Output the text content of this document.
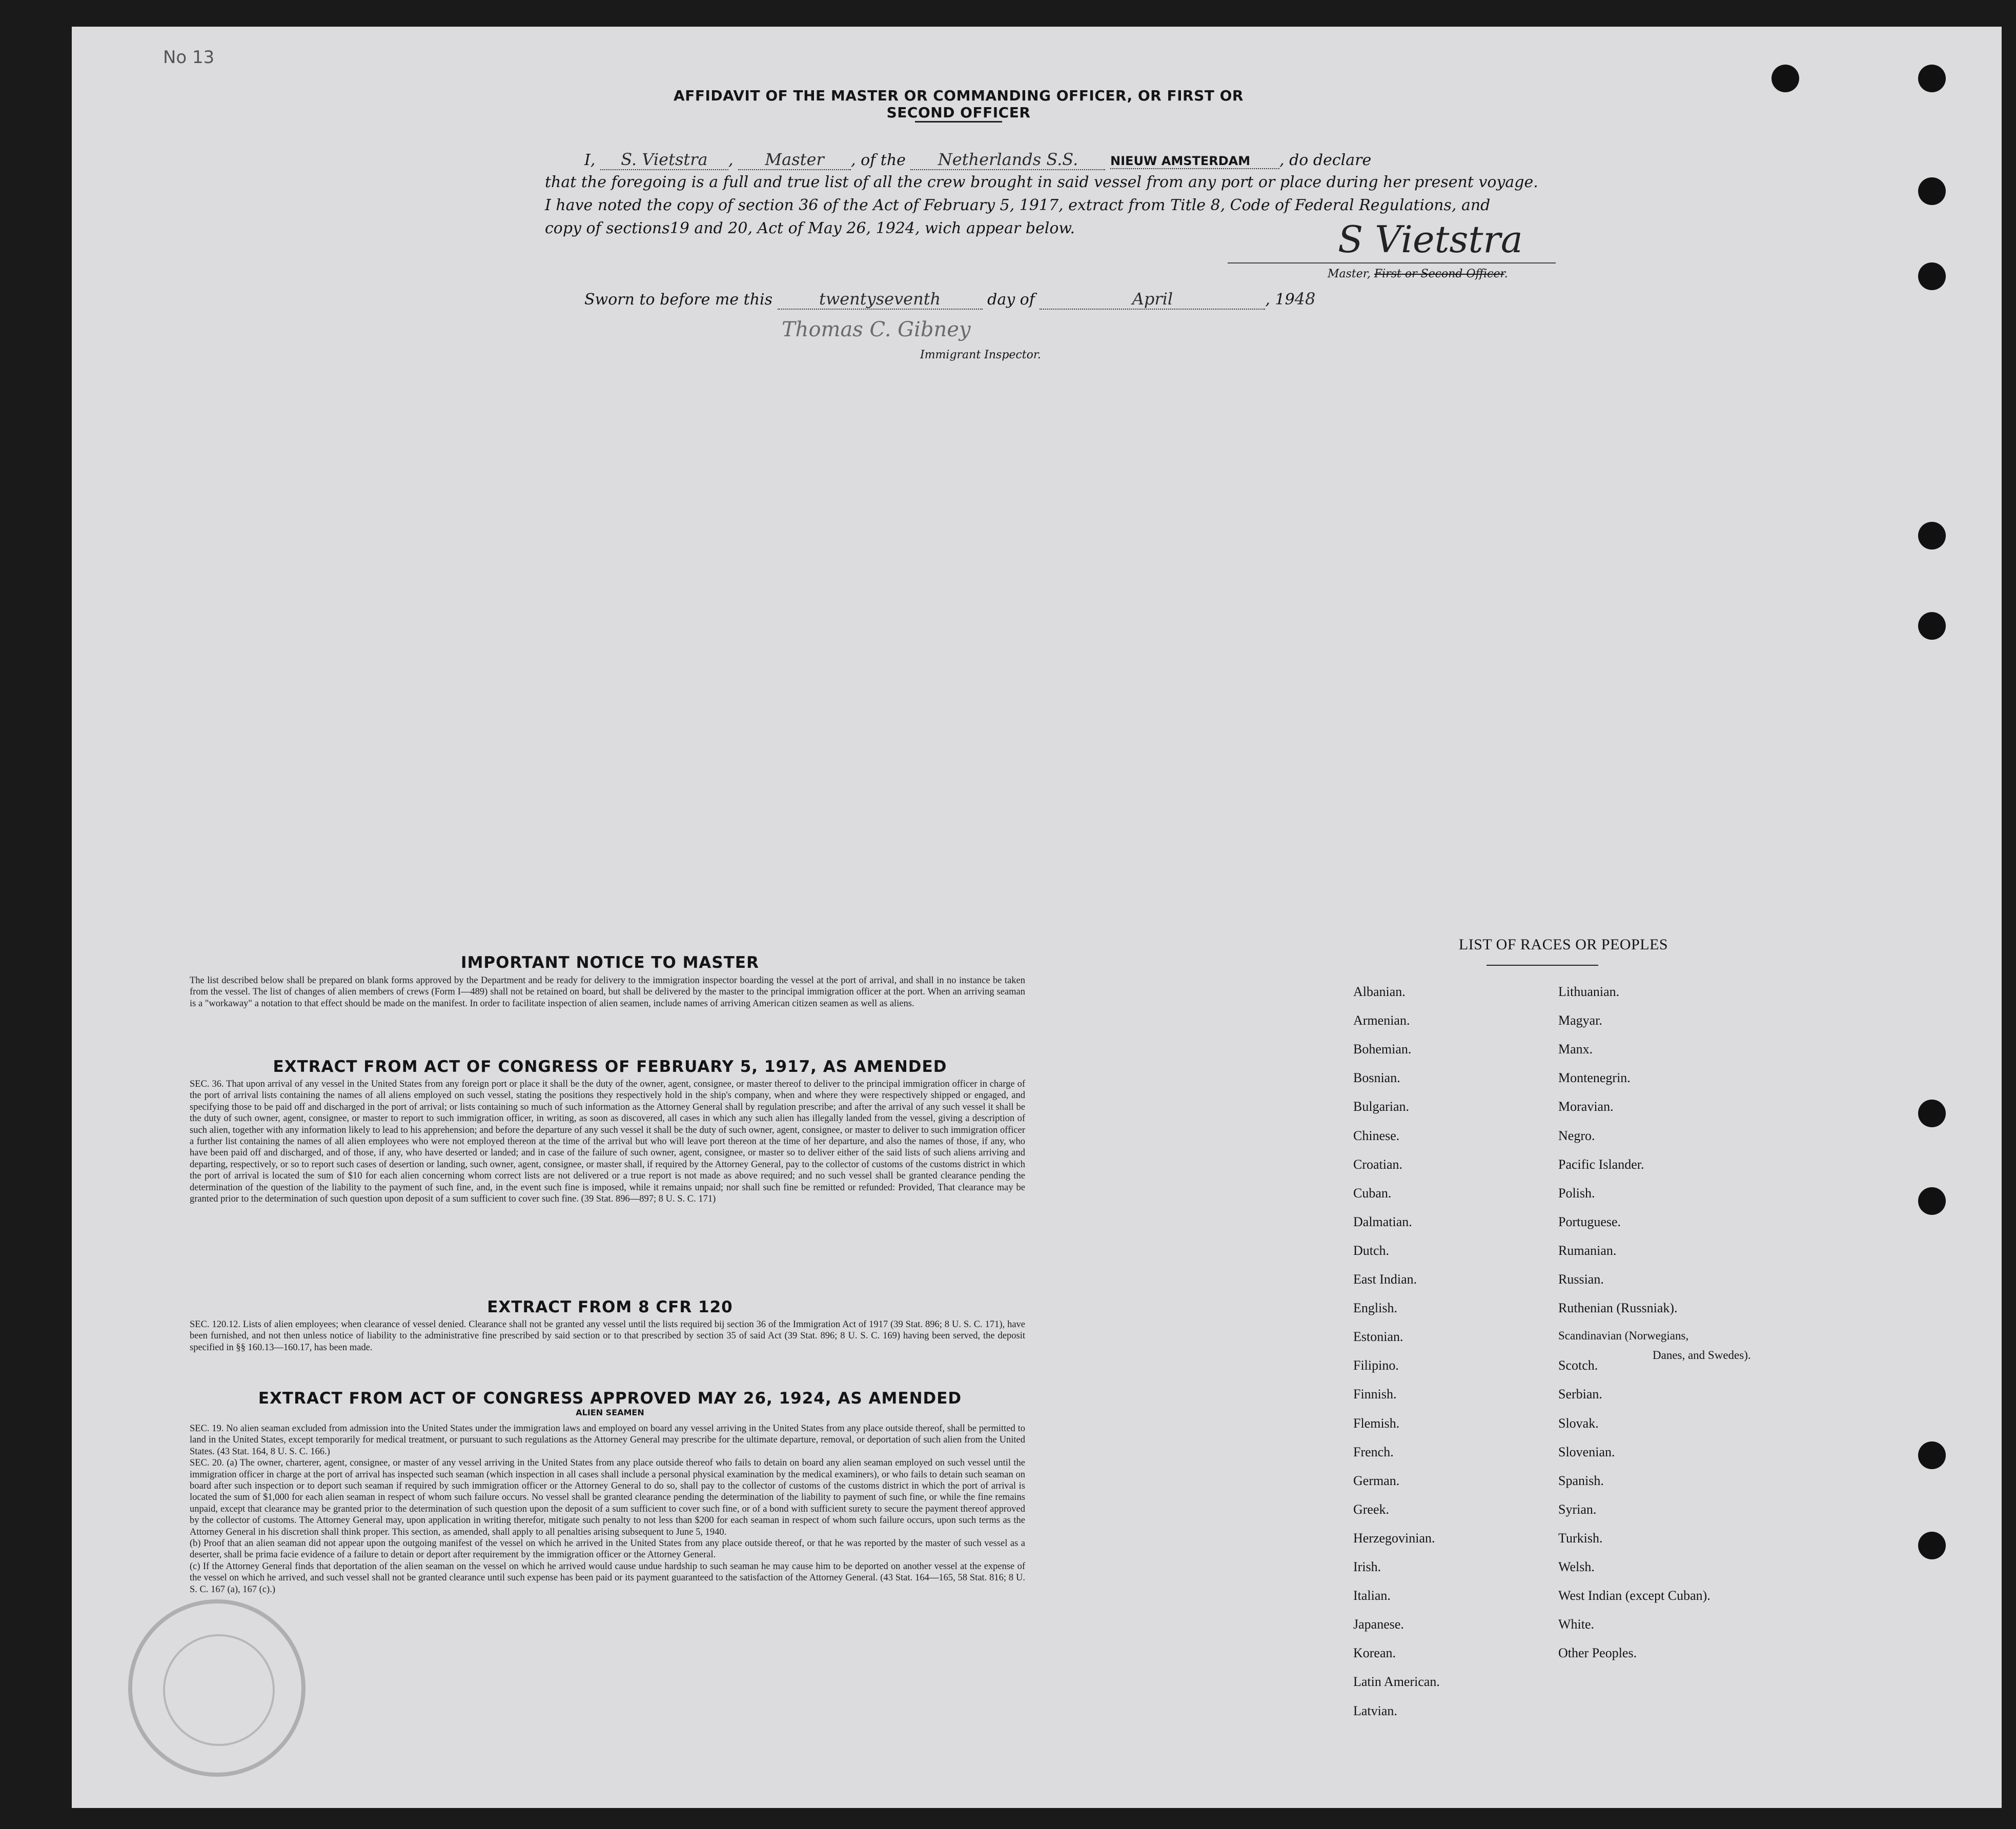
No 13
AFFIDAVIT OF THE MASTER OR COMMANDING OFFICER, OR FIRST OR SECOND OFFICER
I, S. Vietstra , Master , of the Netherlands S.S.	NIEUW AMSTERDAM , do declare
that the foregoing is a full and true list of all the crew brought in said vessel from any port or place during her present voyage.
I have noted the copy of section 36 of the Act of February 5, 1917, extract from Title 8, Code of Federal Regulations, and
copy of sections19 and 20, Act of May 26, 1924, wich appear below.	S Vietstra
Master, First or Second Officer.
Sworn to before me this	twentyseventh	day of	April	, 1948
Thomas C. Gibney
Immigrant Inspector.
IMPORTANT NOTICE TO MASTER
The list described below shall be prepared on blank forms approved by the Department and be ready for delivery to the immigration inspector boarding the vessel at the port of arrival, and shall in no instance be taken from the vessel. The list of changes of alien members of crews (Form I—489) shall not be retained on board, but shall be delivered by the master to the principal immigration officer at the port. When an arriving seaman is a "workaway" a notation to that effect should be made on the manifest. In order to facilitate inspection of alien seamen, include names of arriving American citizen seamen as well as aliens.
EXTRACT FROM ACT OF CONGRESS OF FEBRUARY 5, 1917, AS AMENDED
SEC. 36. That upon arrival of any vessel in the United States from any foreign port or place it shall be the duty of the owner, agent, consignee, or master thereof to deliver to the principal immigration officer in charge of the port of arrival lists containing the names of all aliens employed on such vessel, stating the positions they respectively hold in the ship's company, when and where they were respectively shipped or engaged, and specifying those to be paid off and discharged in the port of arrival; or lists containing so much of such information as the Attorney General shall by regulation prescribe; and after the arrival of any such vessel it shall be the duty of such owner, agent, consignee, or master to report to such immigration officer, in writing, as soon as discovered, all cases in which any such alien has illegally landed from the vessel, giving a description of such alien, together with any information likely to lead to his apprehension; and before the departure of any such vessel it shall be the duty of such owner, agent, consignee, or master to deliver to such immigration officer a further list containing the names of all alien employees who were not employed thereon at the time of the arrival but who will leave port thereon at the time of her departure, and also the names of those, if any, who have been paid off and discharged, and of those, if any, who have deserted or landed; and in case of the failure of such owner, agent, consignee, or master so to deliver either of the said lists of such aliens arriving and departing, respectively, or so to report such cases of desertion or landing, such owner, agent, consignee, or master shall, if required by the Attorney General, pay to the collector of customs of the customs district in which the port of arrival is located the sum of $10 for each alien concerning whom correct lists are not delivered or a true report is not made as above required; and no such vessel shall be granted clearance pending the determination of the question of the liability to the payment of such fine, and, in the event such fine is imposed, while it remains unpaid; nor shall such fine be remitted or refunded: Provided, That clearance may be granted prior to the determination of such question upon deposit of a sum sufficient to cover such fine. (39 Stat. 896—897; 8 U. S. C. 171)
EXTRACT FROM 8 CFR 120
SEC. 120.12. Lists of alien employees; when clearance of vessel denied. Clearance shall not be granted any vessel until the lists required bij section 36 of the Immigration Act of 1917 (39 Stat. 896; 8 U. S. C. 171), have been furnished, and not then unless notice of liability to the administrative fine prescribed by said section or to that prescribed by section 35 of said Act (39 Stat. 896; 8 U. S. C. 169) having been served, the deposit specified in §§ 160.13—160.17, has been made.
EXTRACT FROM ACT OF CONGRESS APPROVED MAY 26, 1924, AS AMENDED
ALIEN SEAMEN
SEC. 19. No alien seaman excluded from admission into the United States under the immigration laws and employed on board any vessel arriving in the United States from any place outside thereof, shall be permitted to land in the United States, except temporarily for medical treatment, or pursuant to such regulations as the Attorney General may prescribe for the ultimate departure, removal, or deportation of such alien from the United States. (43 Stat. 164, 8 U. S. C. 166.)
SEC. 20. (a) The owner, charterer, agent, consignee, or master of any vessel arriving in the United States from any place outside thereof who fails to detain on board any alien seaman employed on such vessel until the immigration officer in charge at the port of arrival has inspected such seaman (which inspection in all cases shall include a personal physical examination by the medical examiners), or who fails to detain such seaman on board after such inspection or to deport such seaman if required by such immigration officer or the Attorney General to do so, shall pay to the collector of customs of the customs district in which the port of arrival is located the sum of $1,000 for each alien seaman in respect of whom such failure occurs. No vessel shall be granted clearance pending the determination of the liability to payment of such fine, or while the fine remains unpaid, except that clearance may be granted prior to the determination of such question upon the deposit of a sum sufficient to cover such fine, or of a bond with sufficient surety to secure the payment thereof approved by the collector of customs. The Attorney General may, upon application in writing therefor, mitigate such penalty to not less than $200 for each seaman in respect of whom such failure occurs, upon such terms as the Attorney General in his discretion shall think proper. This section, as amended, shall apply to all penalties arising subsequent to June 5, 1940.
(b) Proof that an alien seaman did not appear upon the outgoing manifest of the vessel on which he arrived in the United States from any place outside thereof, or that he was reported by the master of such vessel as a deserter, shall be prima facie evidence of a failure to detain or deport after requirement by the immigration officer or the Attorney General.
(c) If the Attorney General finds that deportation of the alien seaman on the vessel on which he arrived would cause undue hardship to such seaman he may cause him to be deported on another vessel at the expense of the vessel on which he arrived, and such vessel shall not be granted clearance until such expense has been paid or its payment guaranteed to the satisfaction of the Attorney General. (43 Stat. 164—165, 58 Stat. 816; 8 U. S. C. 167 (a), 167 (c).)
LIST OF RACES OR PEOPLES
Albanian.
Armenian.
Bohemian.
Bosnian.
Bulgarian.
Chinese.
Croatian.
Cuban.
Dalmatian.
Dutch.
East Indian.
English.
Estonian.
Filipino.
Finnish.
Flemish.
French.
German.
Greek.
Herzegovinian.
Irish.
Italian.
Japanese.
Korean.
Latin American.
Latvian.
Lithuanian.
Magyar.
Manx.
Montenegrin.
Moravian.
Negro.
Pacific Islander.
Polish.
Portuguese.
Rumanian.
Russian.
Ruthenian (Russniak).
Scandinavian (Norwegians,
Danes, and Swedes).
Scotch.
Serbian.
Slovak.
Slovenian.
Spanish.
Syrian.
Turkish.
Welsh.
West Indian (except Cuban).
White.
Other Peoples.
